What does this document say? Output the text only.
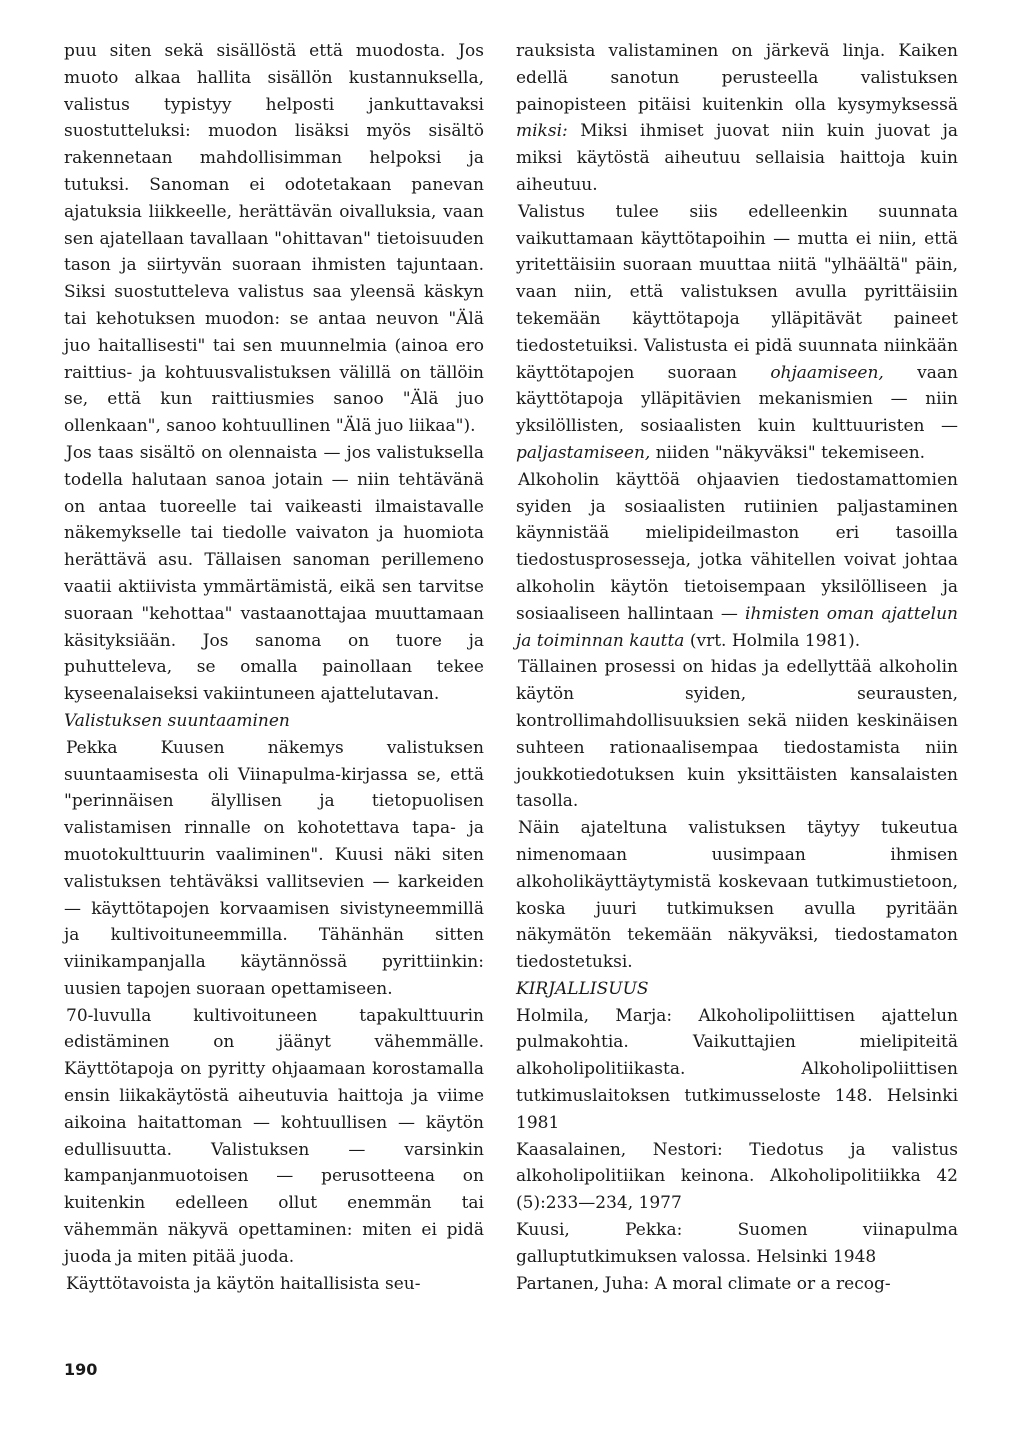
puu siten sekä sisällöstä että muodosta. Jos muoto alkaa hallita sisällön kustannuksella, valistus typistyy helposti jankuttavaksi suostutteluksi: muodon lisäksi myös sisältö rakennetaan mahdollisimman helpoksi ja tutuksi. Sanoman ei odotetakaan panevan ajatuksia liikkeelle, herättävän oivalluksia, vaan sen ajatellaan tavallaan "ohittavan" tietoisuuden tason ja siirtyvän suoraan ihmisten tajuntaan. Siksi suostutteleva valistus saa yleensä käskyn tai kehotuksen muodon: se antaa neuvon "Älä juo haitallisesti" tai sen muunnelmia (ainoa ero raittius- ja kohtuusvalistuksen välillä on tällöin se, että kun raittiusmies sanoo "Älä juo ollenkaan", sanoo kohtuullinen "Älä juo liikaa").

Jos taas sisältö on olennaista — jos valistuksella todella halutaan sanoa jotain — niin tehtävänä on antaa tuoreelle tai vaikeasti ilmaistavalle näkemykselle tai tiedolle vaivaton ja huomiota herättävä asu. Tällaisen sanoman perillemeno vaatii aktiivista ymmärtämistä, eikä sen tarvitse suoraan "kehottaa" vastaanottajaa muuttamaan käsityksiään. Jos sanoma on tuore ja puhutteleva, se omalla painollaan tekee kyseenalaiseksi vakiintuneen ajattelutavan.

Valistuksen suuntaaminen

Pekka Kuusen näkemys valistuksen suuntaamisesta oli Viinapulma-kirjassa se, että "perinnäisen älyllisen ja tietopuolisen valistamisen rinnalle on kohotettava tapa- ja muotokulttuurin vaaliminen". Kuusi näki siten valistuksen tehtäväksi vallitsevien — karkeiden — käyttötapojen korvaamisen sivistyneemmillä ja kultivoituneemmilla. Tähänhän sitten viinikampanjalla käytännössä pyrittiinkin: uusien tapojen suoraan opettamiseen.

70-luvulla kultivoituneen tapakulttuurin edistäminen on jäänyt vähemmälle. Käyttötapoja on pyritty ohjaamaan korostamalla ensin liikakäytöstä aiheutuvia haittoja ja viime aikoina haitattoman — kohtuullisen — käytön edullisuutta. Valistuksen — varsinkin kampanjanmuotoisen — perusotteena on kuitenkin edelleen ollut enemmän tai vähemmän näkyvä opettaminen: miten ei pidä juoda ja miten pitää juoda.

Käyttötavoista ja käytön haitallisista seu-

rauksista valistaminen on järkevä linja. Kaiken edellä sanotun perusteella valistuksen painopisteen pitäisi kuitenkin olla kysymyksessä miksi: Miksi ihmiset juovat niin kuin juovat ja miksi käytöstä aiheutuu sellaisia haittoja kuin aiheutuu.

Valistus tulee siis edelleenkin suunnata vaikuttamaan käyttötapoihin — mutta ei niin, että yritettäisiin suoraan muuttaa niitä "ylhäältä" päin, vaan niin, että valistuksen avulla pyrittäisiin tekemään käyttötapoja ylläpitävät paineet tiedostetuiksi. Valistusta ei pidä suunnata niinkään käyttötapojen suoraan ohjaamiseen, vaan käyttötapoja ylläpitävien mekanismien — niin yksilöllisten, sosiaalisten kuin kulttuuristen — paljastamiseen, niiden "näkyväksi" tekemiseen.

Alkoholin käyttöä ohjaavien tiedostamattomien syiden ja sosiaalisten rutiinien paljastaminen käynnistää mielipideilmaston eri tasoilla tiedostusprosesseja, jotka vähitellen voivat johtaa alkoholin käytön tietoisempaan yksilölliseen ja sosiaaliseen hallintaan — ihmisten oman ajattelun ja toiminnan kautta (vrt. Holmila 1981).

Tällainen prosessi on hidas ja edellyttää alkoholin käytön syiden, seurausten, kontrollimahdollisuuksien sekä niiden keskinäisen suhteen rationaalisempaa tiedostamista niin joukkotiedotuksen kuin yksittäisten kansalaisten tasolla.

Näin ajateltuna valistuksen täytyy tukeutua nimenomaan uusimpaan ihmisen alkoholikäyttäytymistä koskevaan tutkimustietoon, koska juuri tutkimuksen avulla pyritään näkymätön tekemään näkyväksi, tiedostamaton tiedostetuksi.

KIRJALLISUUS

Holmila, Marja: Alkoholipoliittisen ajattelun pulmakohtia. Vaikuttajien mielipiteitä alkoholipolitiikasta. Alkoholipoliittisen tutkimuslaitoksen tutkimusseloste 148. Helsinki 1981

Kaasalainen, Nestori: Tiedotus ja valistus alkoholipolitiikan keinona. Alkoholipolitiikka 42 (5):233—234, 1977

Kuusi, Pekka: Suomen viinapulma galluptutkimuksen valossa. Helsinki 1948

Partanen, Juha: A moral climate or a recog-

190
